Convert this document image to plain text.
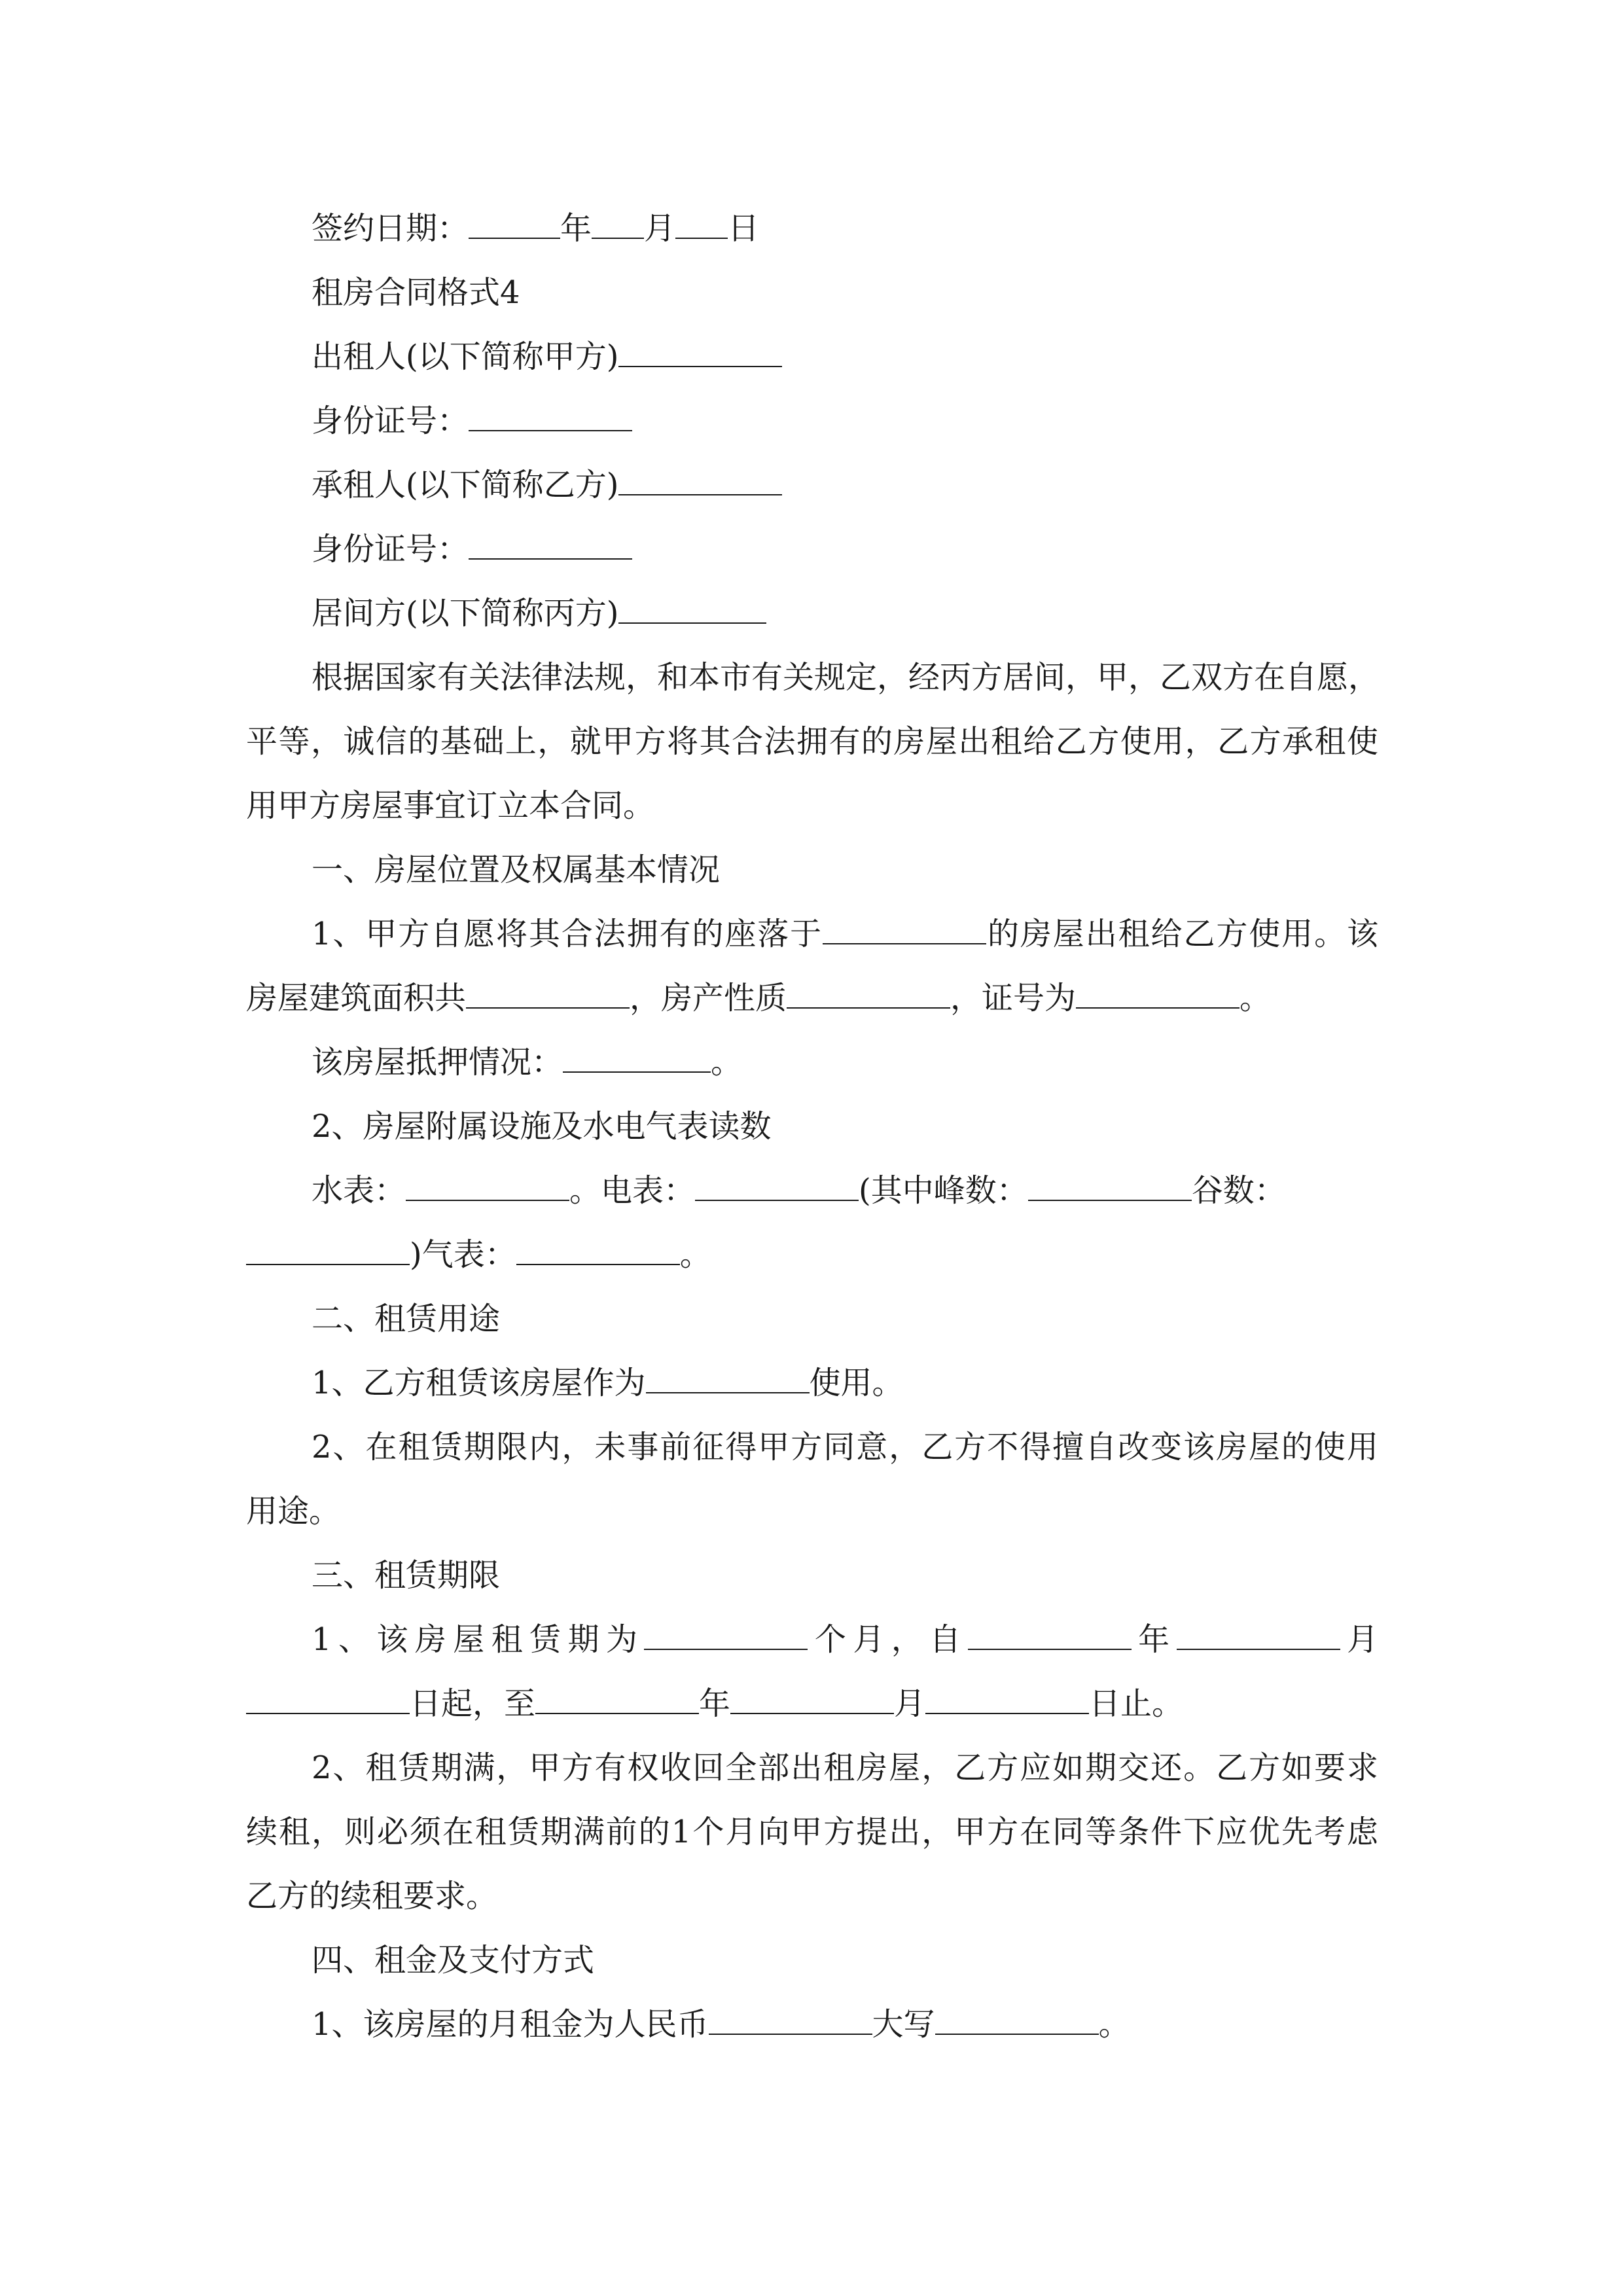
签约日期：	年 月 日
租房合同格式4
出租人(以下简称甲方)
身份证号：
承租人(以下简称乙方)
身份证号：
居间方(以下简称丙方)
根据国家有关法律法规，和本市有关规定，经丙方居间，甲，乙双方在自愿，
平等，诚信的基础上，就甲方将其合法拥有的房屋出租给乙方使用，乙方承租使
用甲方房屋事宜订立本合同。
一、房屋位置及权属基本情况
1、甲方自愿将其合法拥有的座落于	的房屋出租给乙方使用。该
房屋建筑面积共	，房产性质	，证号为	。
该房屋抵押情况：	。
2、房屋附属设施及水电气表读数
水表：	。电表：	(其中峰数：	谷数：
)气表：	。
二、租赁用途
1、乙方租赁该房屋作为	使用。
2、在租赁期限内，未事前征得甲方同意，乙方不得擅自改变该房屋的使用
用途。
三、租赁期限
1、该房屋租赁期为	个月，自	年	月
日起，至	年	月	日止。
2、租赁期满，甲方有权收回全部出租房屋，乙方应如期交还。乙方如要求
续租，则必须在租赁期满前的1个月向甲方提出，甲方在同等条件下应优先考虑
乙方的续租要求。
四、租金及支付方式
1、该房屋的月租金为人民币	大写	。
